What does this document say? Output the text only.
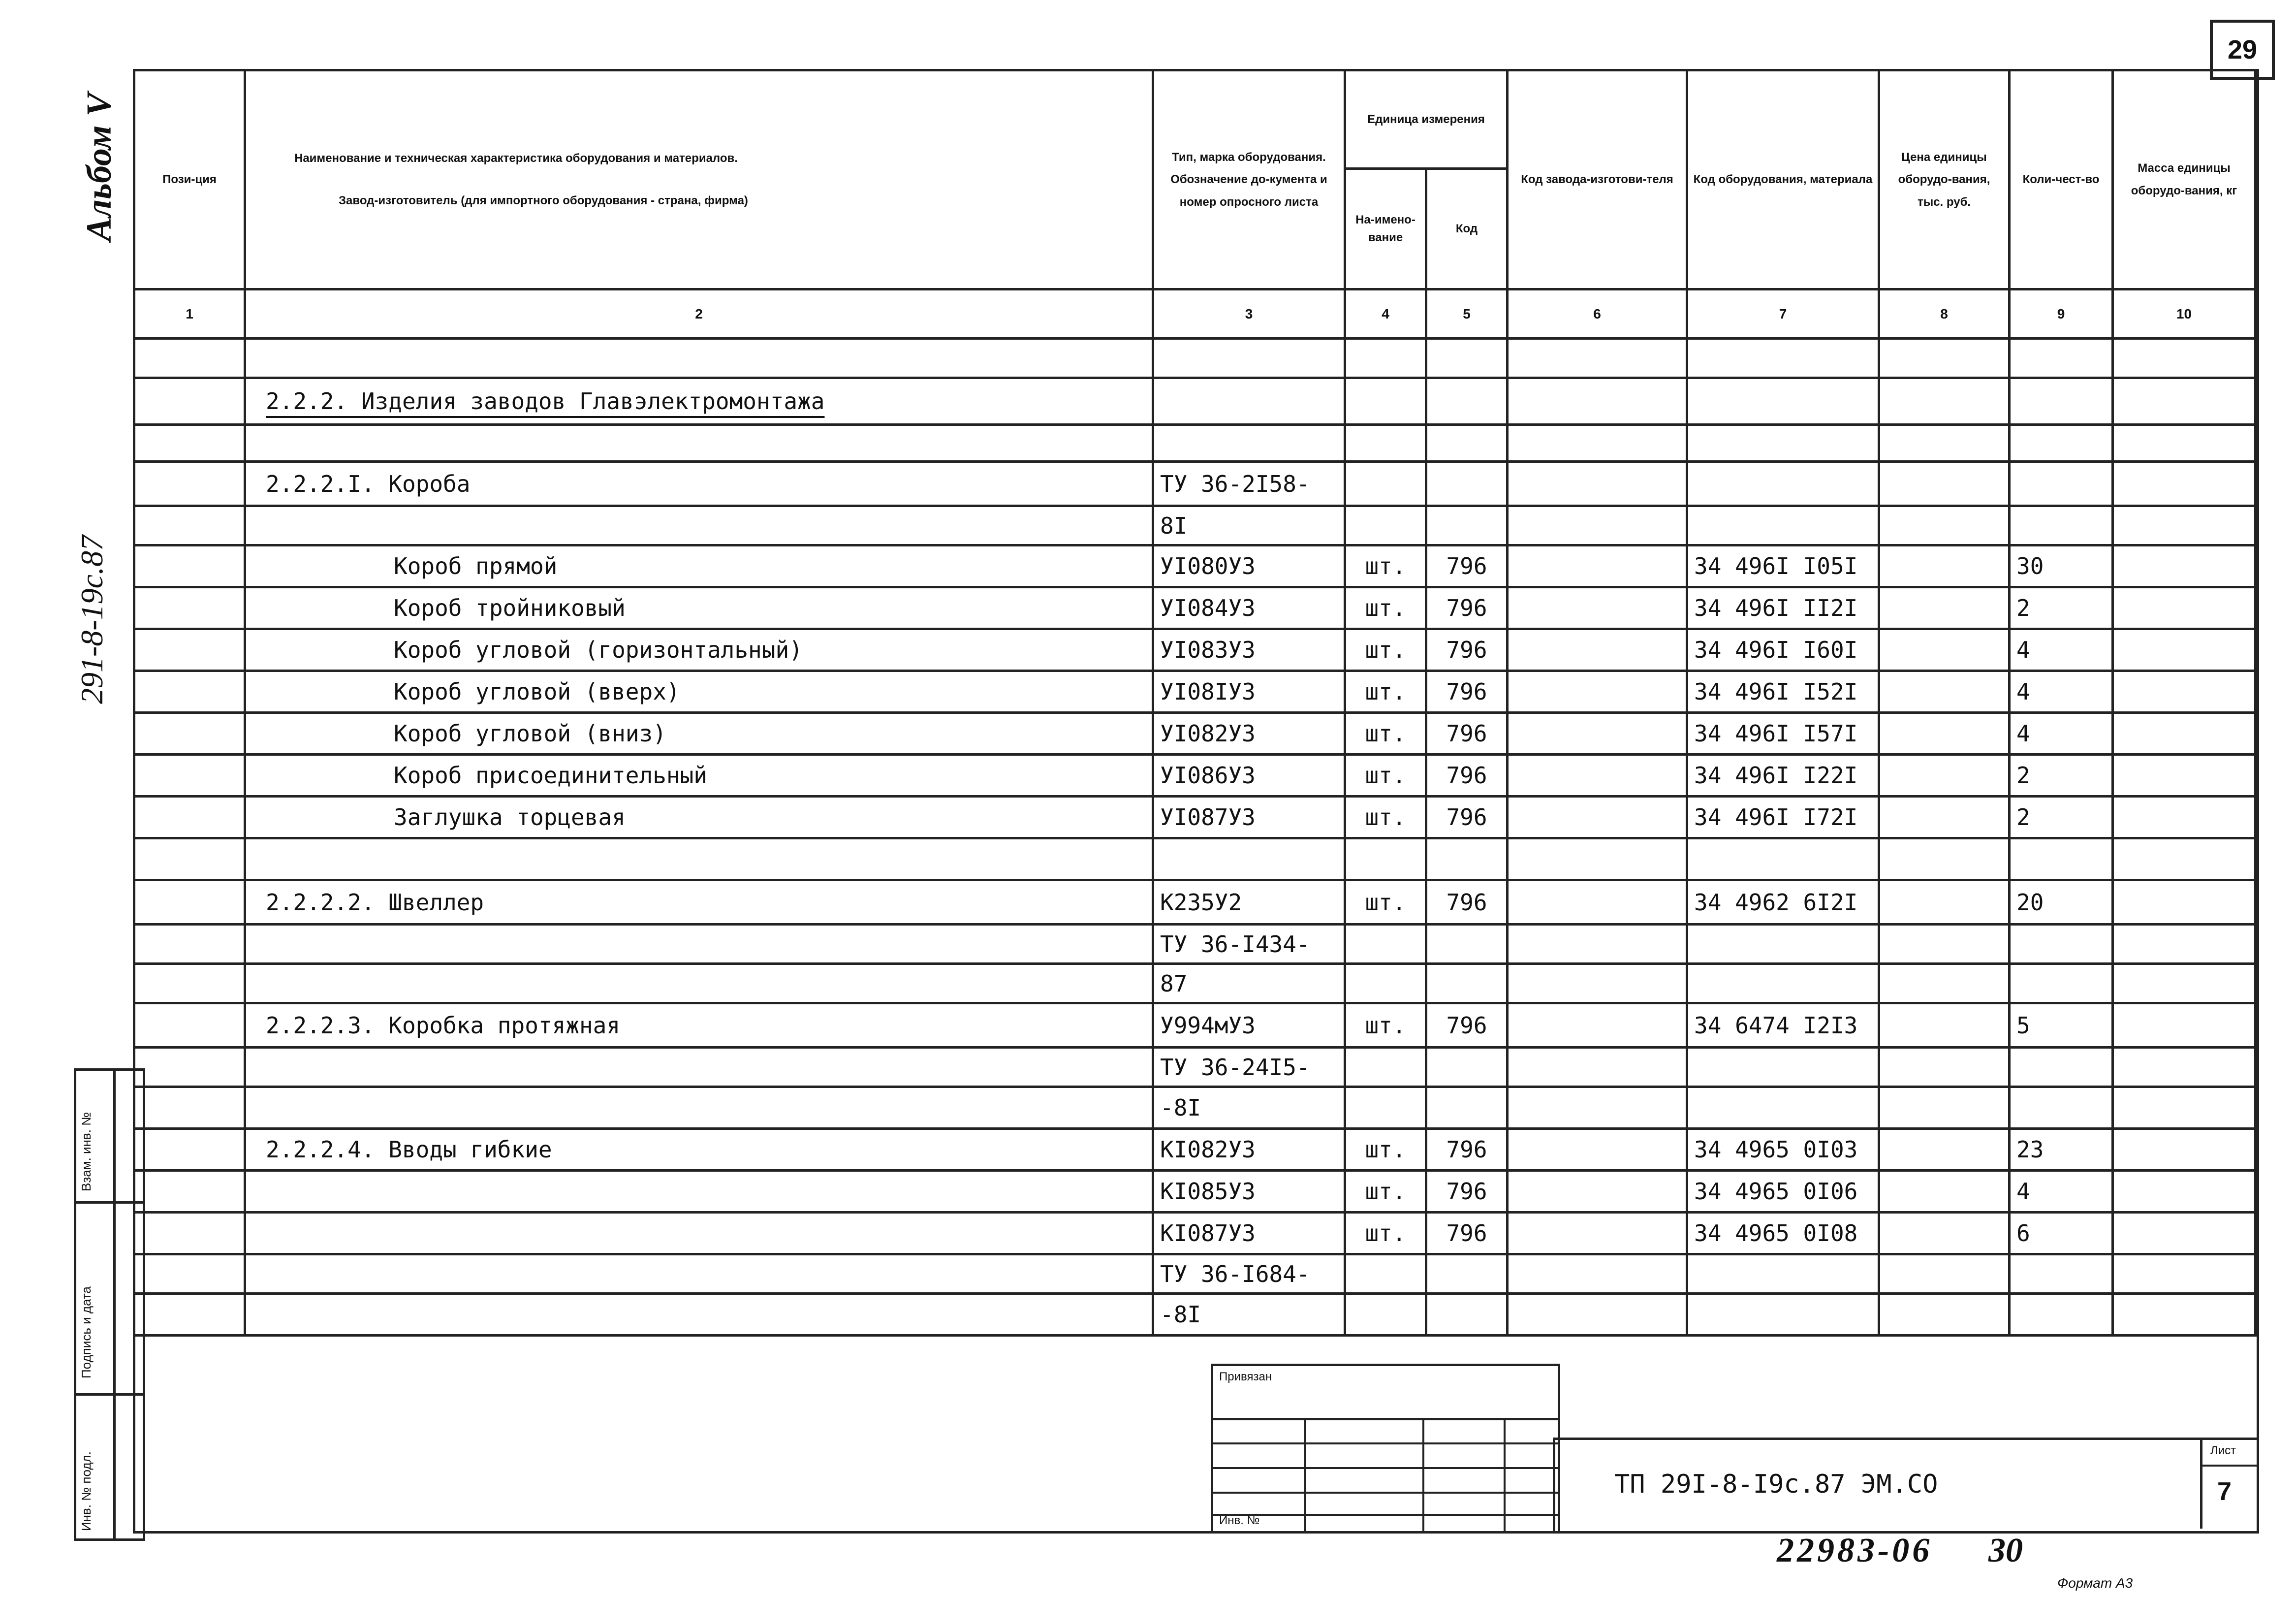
29
Альбом V
291-8-19с.87
Взам. инв. №
Подпись и дата
Инв. № подл.
Пози-ция	Наименование и техническая характеристика оборудования и материалов.
Завод-изготовитель (для импортного оборудования - страна, фирма)	Тип, марка оборудования. Обозначение до-кумента и номер опросного листа	Единица измерения		Код завода-изготови-теля	Код оборудования, материала	Цена единицы оборудо-вания, тыс. руб.	Коли-чест-во	Масса единицы оборудо-вания, кг
			На-имено-вание	Код					
1	2	3	4	5	6	7	8	9	10

	2.2.2. Изделия заводов Главэлектромонтажа								

	2.2.2.I. Короба	ТУ 36-2I58-							
		8I							
	Короб прямой	УI080У3	шт.	796		34 496I I05I		30	
	Короб тройниковый	УI084У3	шт.	796		34 496I II2I		2	
	Короб угловой (горизонтальный)	УI083У3	шт.	796		34 496I I60I		4	
	Короб угловой (вверх)	УI08IУ3	шт.	796		34 496I I52I		4	
	Короб угловой (вниз)	УI082У3	шт.	796		34 496I I57I		4	
	Короб присоединительный	УI086У3	шт.	796		34 496I I22I		2	
	Заглушка торцевая	УI087У3	шт.	796		34 496I I72I		2	

	2.2.2.2. Швеллер	К235У2	шт.	796		34 4962 6I2I		20	
		ТУ 36-I434-							
		87							
	2.2.2.3. Коробка протяжная	У994мУ3	шт.	796		34 6474 I2I3		5	
		ТУ 36-24I5-							
		-8I							
	2.2.2.4. Вводы гибкие	КI082У3	шт.	796		34 4965 0I03		23	
		КI085У3	шт.	796		34 4965 0I06		4	
		КI087У3	шт.	796		34 4965 0I08		6	
		ТУ 36-I684-							
		-8I							
Привязан
Инв. №
ТП 29I-8-I9с.87 ЭМ.СО
Лист
7
22983-06 30
Формат А3
